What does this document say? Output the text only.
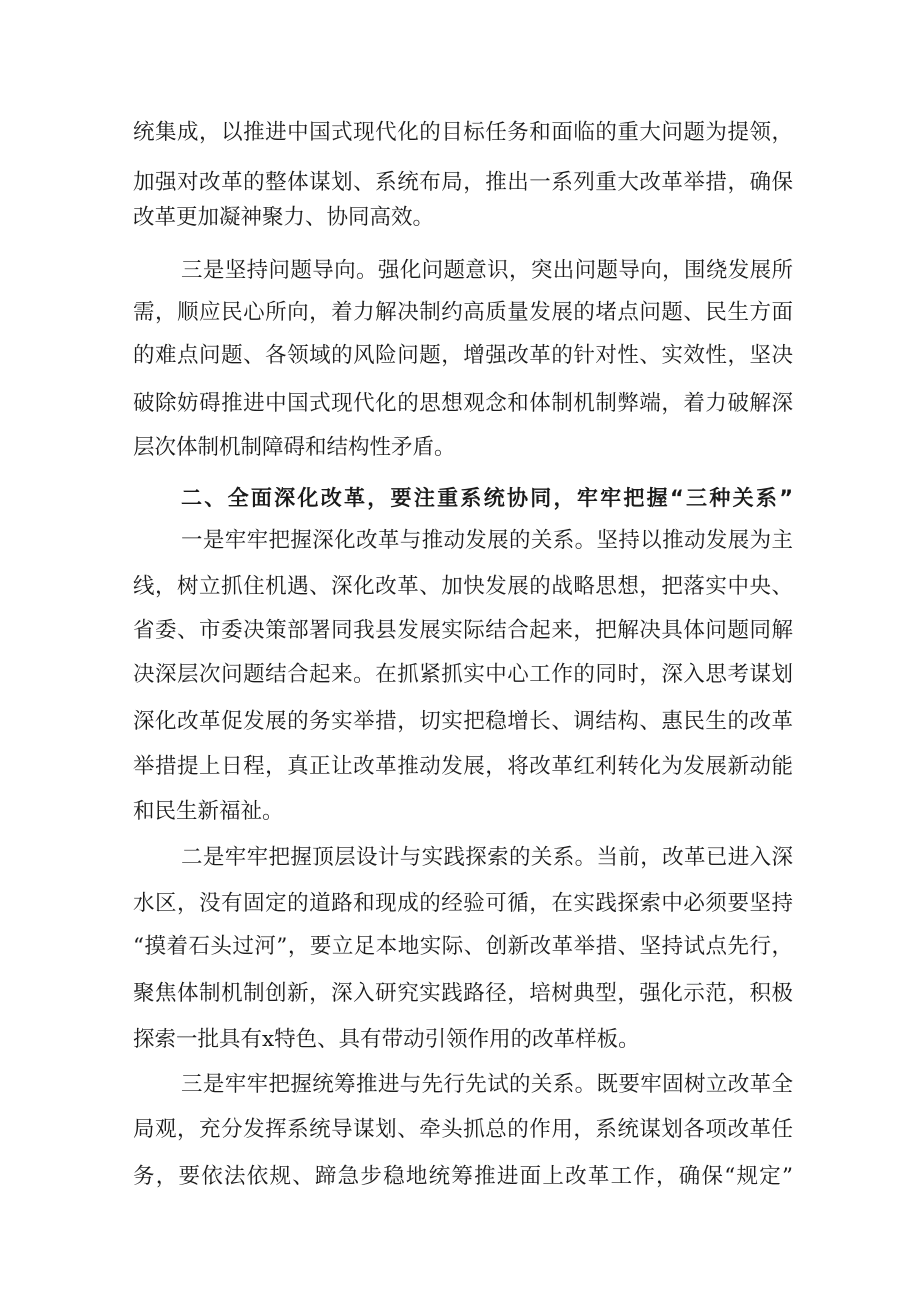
统集成，以推进中国式现代化的目标任务和面临的重大问题为提领，
加强对改革的整体谋划、系统布局，推出一系列重大改革举措，确保
改革更加凝神聚力、协同高效。
三是坚持问题导向。强化问题意识，突出问题导向，围绕发展所
需，顺应民心所向，着力解决制约高质量发展的堵点问题、民生方面
的难点问题、各领域的风险问题，增强改革的针对性、实效性，坚决
破除妨碍推进中国式现代化的思想观念和体制机制弊端，着力破解深
层次体制机制障碍和结构性矛盾。
二、全面深化改革，要注重系统协同，牢牢把握“三种关系”
一是牢牢把握深化改革与推动发展的关系。坚持以推动发展为主
线，树立抓住机遇、深化改革、加快发展的战略思想，把落实中央、
省委、市委决策部署同我县发展实际结合起来，把解决具体问题同解
决深层次问题结合起来。在抓紧抓实中心工作的同时，深入思考谋划
深化改革促发展的务实举措，切实把稳增长、调结构、惠民生的改革
举措提上日程，真正让改革推动发展，将改革红利转化为发展新动能
和民生新福祉。
二是牢牢把握顶层设计与实践探索的关系。当前，改革已进入深
水区，没有固定的道路和现成的经验可循，在实践探索中必须要坚持
“摸着石头过河”，要立足本地实际、创新改革举措、坚持试点先行，
聚焦体制机制创新，深入研究实践路径，培树典型，强化示范，积极
探索一批具有x特色、具有带动引领作用的改革样板。
三是牢牢把握统筹推进与先行先试的关系。既要牢固树立改革全
局观，充分发挥系统导谋划、牵头抓总的作用，系统谋划各项改革任
务，要依法依规、蹄急步稳地统筹推进面上改革工作，确保“规定”
